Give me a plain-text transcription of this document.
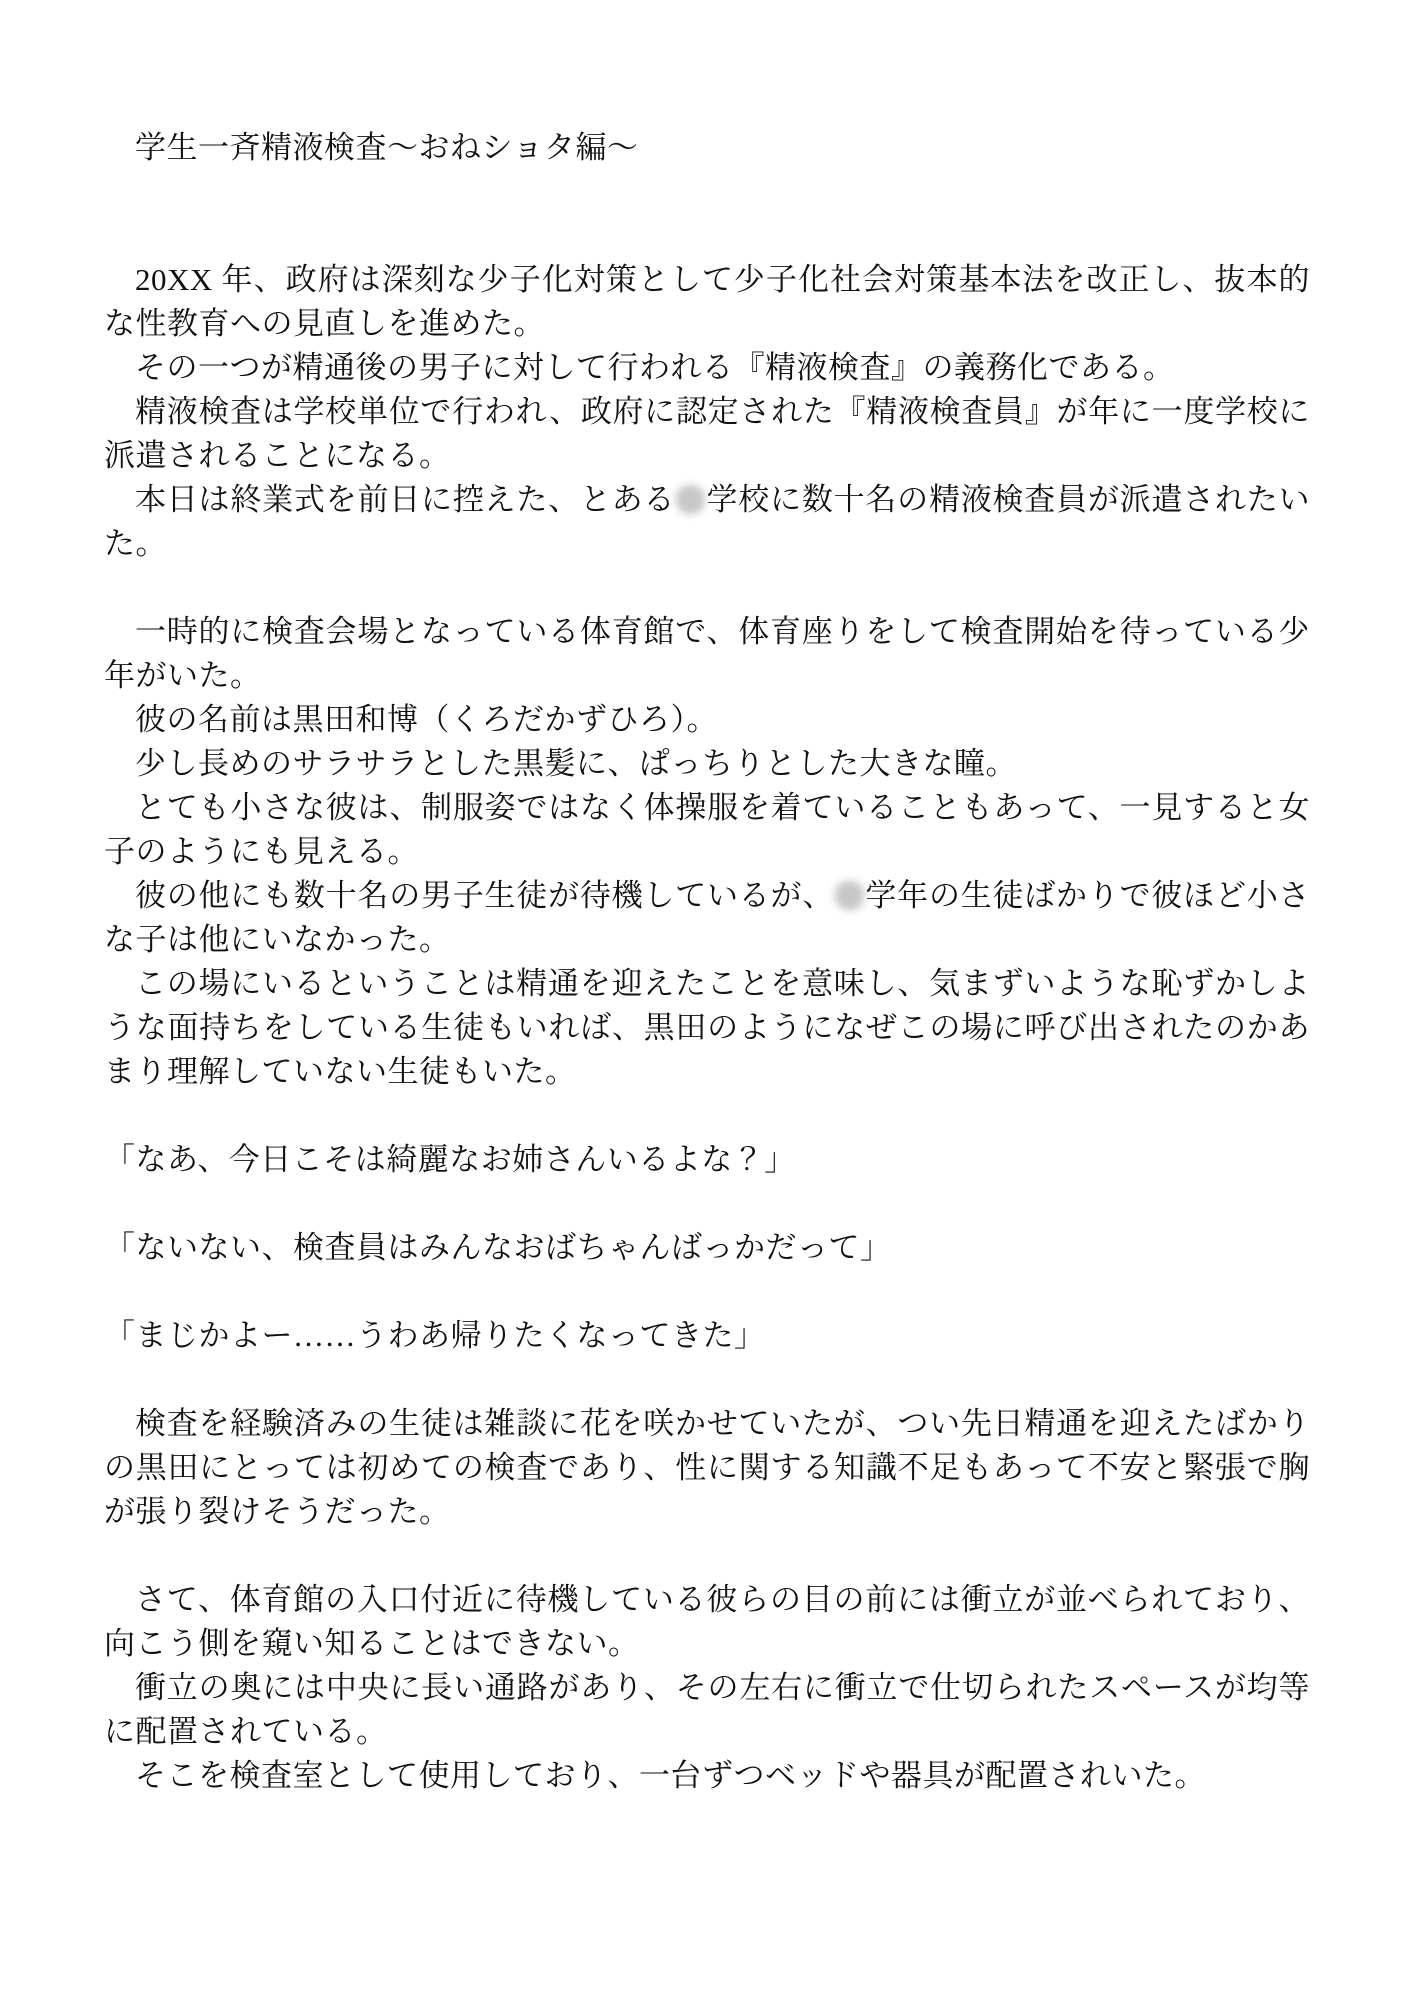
学生一斉精液検査～おねショタ編～

20XX 年、政府は深刻な少子化対策として少子化社会対策基本法を改正し、抜本的な性教育への見直しを進めた。

その一つが精通後の男子に対して行われる『精液検査』の義務化である。

精液検査は学校単位で行われ、政府に認定された『精液検査員』が年に一度学校に派遣されることになる。

本日は終業式を前日に控えた、とある 学校に数十名の精液検査員が派遣されたいた。

一時的に検査会場となっている体育館で、体育座りをして検査開始を待っている少年がいた。

彼の名前は黒田和博（くろだかずひろ）。

少し長めのサラサラとした黒髪に、ぱっちりとした大きな瞳。

とても小さな彼は、制服姿ではなく体操服を着ていることもあって、一見すると女子のようにも見える。

彼の他にも数十名の男子生徒が待機しているが、 学年の生徒ばかりで彼ほど小さな子は他にいなかった。

この場にいるということは精通を迎えたことを意味し、気まずいような恥ずかしような面持ちをしている生徒もいれば、黒田のようになぜこの場に呼び出されたのかあまり理解していない生徒もいた。

「なあ、今日こそは綺麗なお姉さんいるよな？」

「ないない、検査員はみんなおばちゃんばっかだって」

「まじかよー……うわあ帰りたくなってきた」

検査を経験済みの生徒は雑談に花を咲かせていたが、つい先日精通を迎えたばかりの黒田にとっては初めての検査であり、性に関する知識不足もあって不安と緊張で胸が張り裂けそうだった。

さて、体育館の入口付近に待機している彼らの目の前には衝立が並べられており、向こう側を窺い知ることはできない。

衝立の奥には中央に長い通路があり、その左右に衝立で仕切られたスペースが均等に配置されている。

そこを検査室として使用しており、一台ずつベッドや器具が配置されいた。
